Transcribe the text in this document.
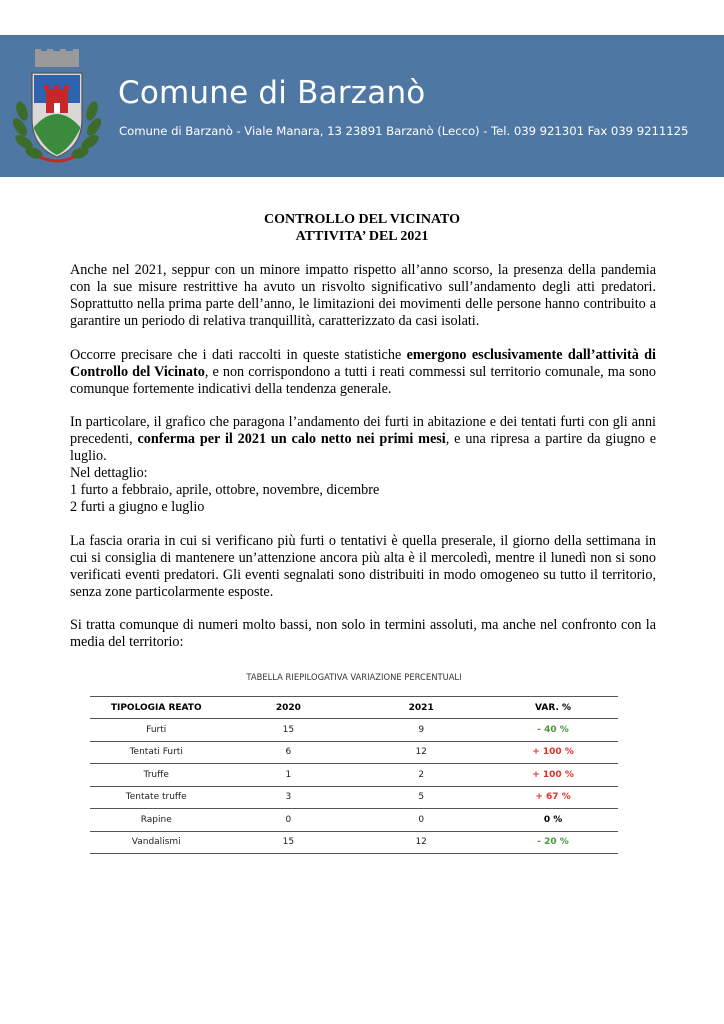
Comune di Barzanò
Comune di Barzanò - Viale Manara, 13 23891 Barzanò (Lecco) - Tel. 039 921301 Fax 039 9211125
CONTROLLO DEL VICINATO
ATTIVITA’ DEL 2021
Anche nel 2021, seppur con un minore impatto rispetto all’anno scorso, la presenza della pandemia con la sue misure restrittive ha avuto un risvolto significativo sull’andamento degli atti predatori. Soprattutto nella prima parte dell’anno, le limitazioni dei movimenti delle persone hanno contribuito a garantire un periodo di relativa tranquillità, caratterizzato da casi isolati.
Occorre precisare che i dati raccolti in queste statistiche emergono esclusivamente dall’attività di Controllo del Vicinato, e non corrispondono a tutti i reati commessi sul territorio comunale, ma sono comunque fortemente indicativi della tendenza generale.
In particolare, il grafico che paragona l’andamento dei furti in abitazione e dei tentati furti con gli anni precedenti, conferma per il 2021 un calo netto nei primi mesi, e una ripresa a partire da giugno e luglio.
Nel dettaglio:
1 furto a febbraio, aprile, ottobre, novembre, dicembre
2 furti a giugno e luglio
La fascia oraria in cui si verificano più furti o tentativi è quella preserale, il giorno della settimana in cui si consiglia di mantenere un’attenzione ancora più alta è il mercoledì, mentre il lunedì non si sono verificati eventi predatori. Gli eventi segnalati sono distribuiti in modo omogeneo su tutto il territorio, senza zone particolarmente esposte.
Si tratta comunque di numeri molto bassi, non solo in termini assoluti, ma anche nel confronto con la media del territorio:
TABELLA RIEPILOGATIVA VARIAZIONE PERCENTUALI
TIPOLOGIA REATO	2020	2021	VAR. %
Furti	15	9	- 40 %
Tentati Furti	6	12	+ 100 %
Truffe	1	2	+ 100 %
Tentate truffe	3	5	+ 67 %
Rapine	0	0	0 %
Vandalismi	15	12	- 20 %
